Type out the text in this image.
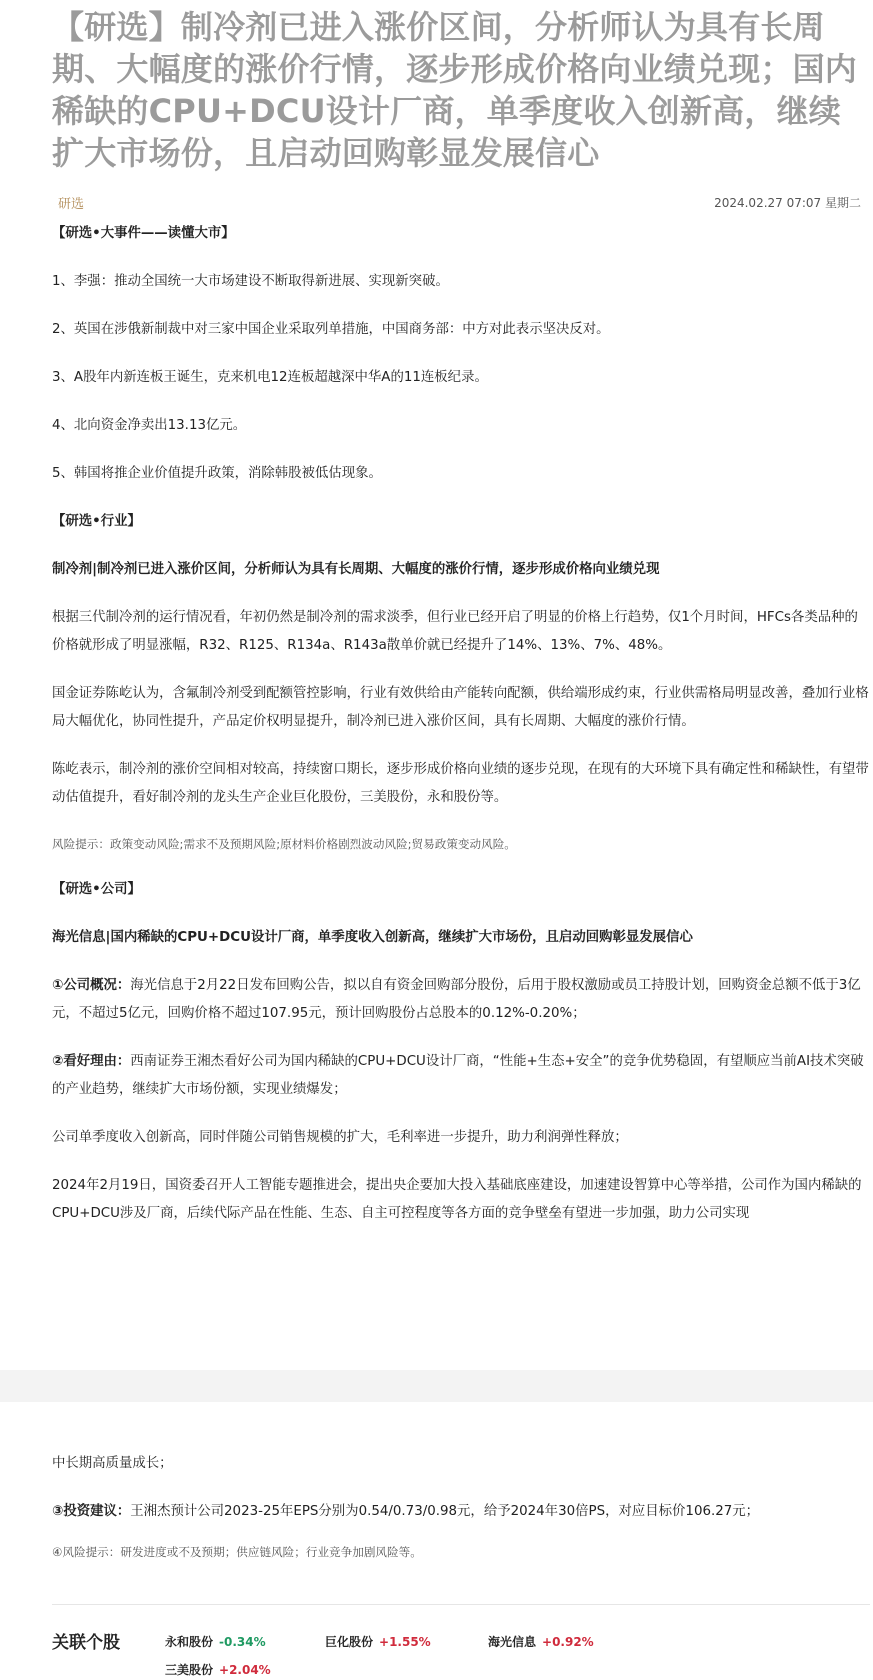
【研选】制冷剂已进入涨价区间，分析师认为具有长周期、大幅度的涨价行情，逐步形成价格向业绩兑现；国内稀缺的CPU+DCU设计厂商，单季度收入创新高，继续扩大市场份，且启动回购彰显发展信心
研选	2024.02.27 07:07 星期二
【研选•大事件——读懂大市】
1、李强：推动全国统一大市场建设不断取得新进展、实现新突破。
2、英国在涉俄新制裁中对三家中国企业采取列单措施，中国商务部：中方对此表示坚决反对。
3、A股年内新连板王诞生，克来机电12连板超越深中华A的11连板纪录。
4、北向资金净卖出13.13亿元。
5、韩国将推企业价值提升政策，消除韩股被低估现象。
【研选•行业】
制冷剂|制冷剂已进入涨价区间，分析师认为具有长周期、大幅度的涨价行情，逐步形成价格向业绩兑现
根据三代制冷剂的运行情况看，年初仍然是制冷剂的需求淡季，但行业已经开启了明显的价格上行趋势，仅1个月时间，HFCs各类品种的价格就形成了明显涨幅，R32、R125、R134a、R143a散单价就已经提升了14%、13%、7%、48%。
国金证券陈屹认为，含氟制冷剂受到配额管控影响，行业有效供给由产能转向配额，供给端形成约束，行业供需格局明显改善，叠加行业格局大幅优化，协同性提升，产品定价权明显提升，制冷剂已进入涨价区间，具有长周期、大幅度的涨价行情。
陈屹表示，制冷剂的涨价空间相对较高，持续窗口期长，逐步形成价格向业绩的逐步兑现，在现有的大环境下具有确定性和稀缺性，有望带动估值提升，看好制冷剂的龙头生产企业巨化股份，三美股份，永和股份等。
风险提示：政策变动风险;需求不及预期风险;原材料价格剧烈波动风险;贸易政策变动风险。
【研选•公司】
海光信息|国内稀缺的CPU+DCU设计厂商，单季度收入创新高，继续扩大市场份，且启动回购彰显发展信心
①公司概况：海光信息于2月22日发布回购公告，拟以自有资金回购部分股份，后用于股权激励或员工持股计划，回购资金总额不低于3亿元，不超过5亿元，回购价格不超过107.95元，预计回购股份占总股本的0.12%-0.20%；
②看好理由：西南证券王湘杰看好公司为国内稀缺的CPU+DCU设计厂商，“性能+生态+安全”的竞争优势稳固，有望顺应当前AI技术突破的产业趋势，继续扩大市场份额，实现业绩爆发；
公司单季度收入创新高，同时伴随公司销售规模的扩大，毛利率进一步提升，助力利润弹性释放；
2024年2月19日，国资委召开人工智能专题推进会，提出央企要加大投入基础底座建设，加速建设智算中心等举措，公司作为国内稀缺的CPU+DCU涉及厂商，后续代际产品在性能、生态、自主可控程度等各方面的竞争壁垒有望进一步加强，助力公司实现
中长期高质量成长；
③投资建议：王湘杰预计公司2023-25年EPS分别为0.54/0.73/0.98元，给予2024年30倍PS，对应目标价106.27元；
④风险提示：研发进度或不及预期；供应链风险；行业竞争加剧风险等。
关联个股	永和股份 -0.34%	巨化股份 +1.55%	海光信息 +0.92%
三美股份 +2.04%
